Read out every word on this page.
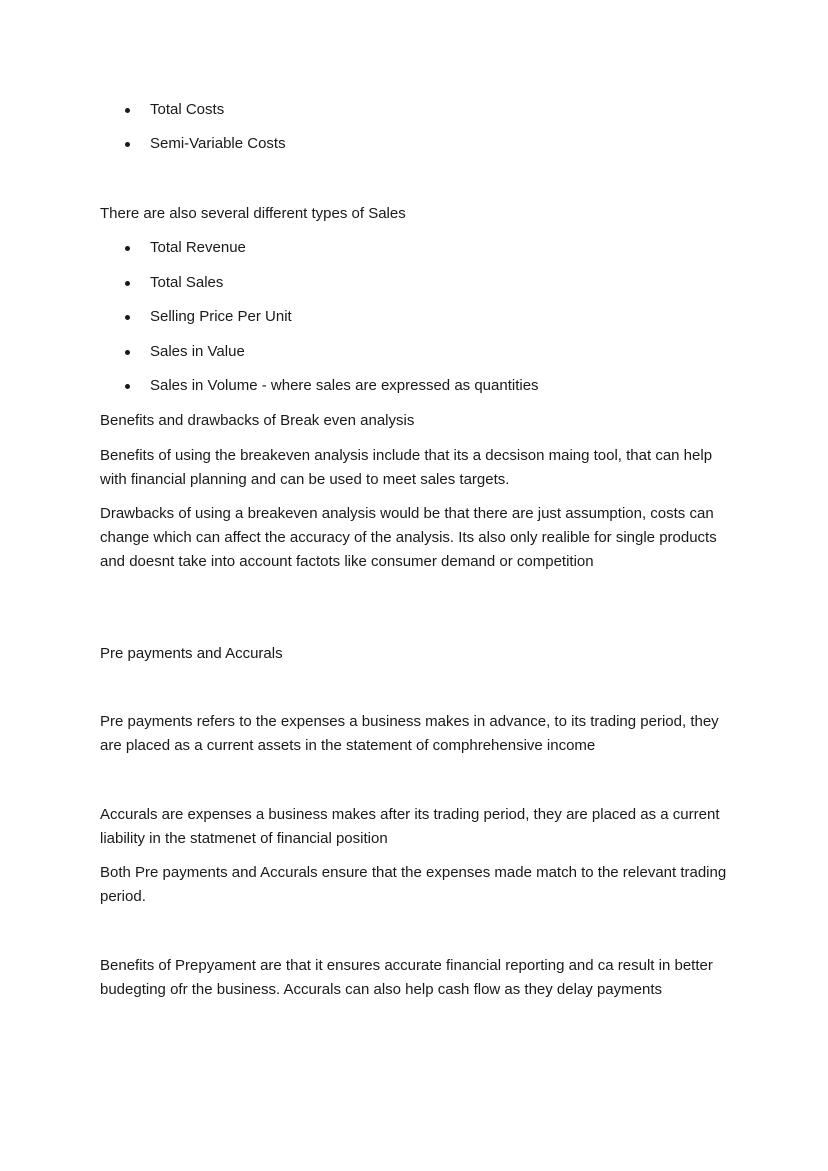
Total Costs
Semi-Variable Costs

There are also several different types of Sales

Total Revenue
Total Sales
Selling Price Per Unit
Sales in Value
Sales in Volume - where sales are expressed as quantities

Benefits and drawbacks of Break even analysis

Benefits of using the breakeven analysis include that its a decsison maing tool, that can help with financial planning and can be used to meet sales targets.

Drawbacks of using a breakeven analysis would be that there are just assumption, costs can change which can affect the accuracy of the analysis. Its also only realible for single products and doesnt take into account factots like consumer demand or competition

Pre payments and Accurals

Pre payments refers to the expenses a business makes in advance, to its trading period, they are placed as a current assets in the statement of comphrehensive income

Accurals are expenses a business makes after its trading period, they are placed as a current liability in the statmenet of financial position

Both Pre payments and Accurals ensure that the expenses made match to the relevant trading period.

Benefits of Prepyament are that it ensures accurate financial reporting and ca result in better budegting ofr the business. Accurals can also help cash flow as they delay payments
